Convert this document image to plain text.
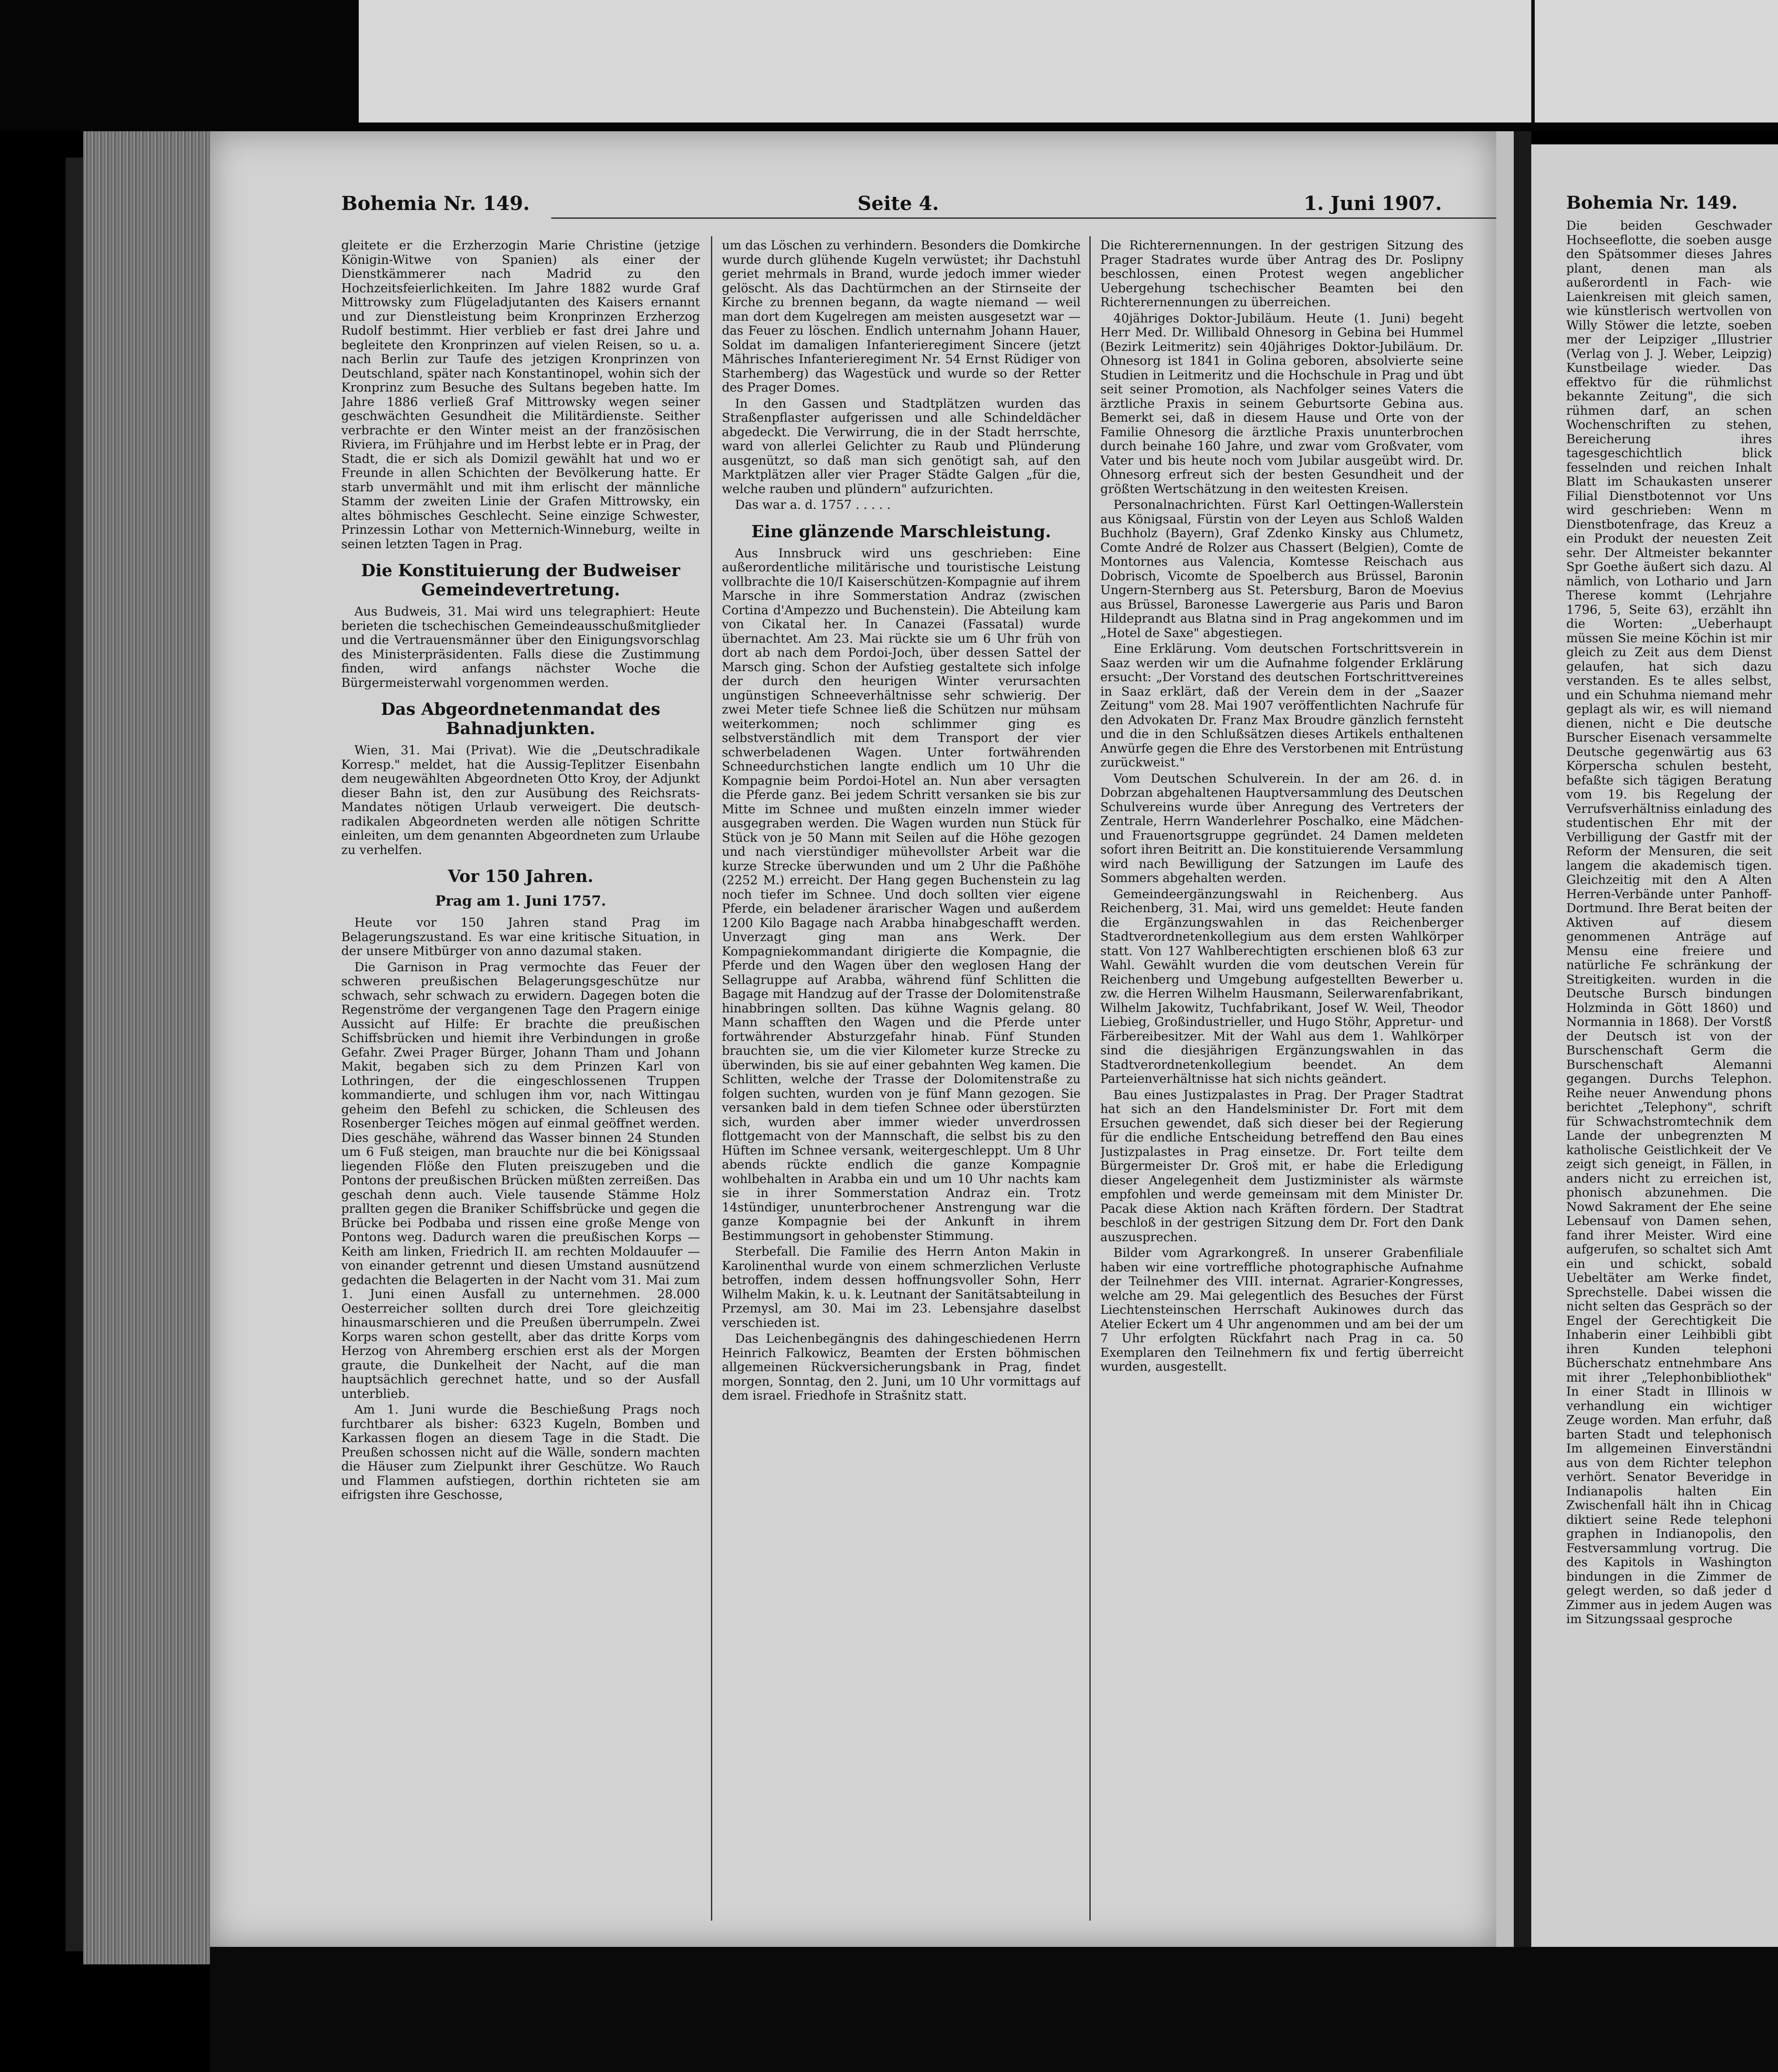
Bohemia Nr. 149.	Seite 4.	1. Juni 1907.

gleitete er die Erzherzogin Marie Christine (jetzige Königin-Witwe von Spanien) als einer der Dienstkämmerer nach Madrid zu den Hochzeitsfeierlichkeiten. Im Jahre 1882 wurde Graf Mittrowsky zum Flügeladjutanten des Kaisers ernannt und zur Dienstleistung beim Kronprinzen Erzherzog Rudolf bestimmt. Hier verblieb er fast drei Jahre und begleitete den Kronprinzen auf vielen Reisen, so u. a. nach Berlin zur Taufe des jetzigen Kronprinzen von Deutschland, später nach Konstantinopel, wohin sich der Kronprinz zum Besuche des Sultans begeben hatte. Im Jahre 1886 verließ Graf Mittrowsky wegen seiner geschwächten Gesundheit die Militärdienste. Seither verbrachte er den Winter meist an der französischen Riviera, im Frühjahre und im Herbst lebte er in Prag, der Stadt, die er sich als Domizil gewählt hat und wo er Freunde in allen Schichten der Bevölkerung hatte. Er starb unvermählt und mit ihm erlischt der männliche Stamm der zweiten Linie der Grafen Mittrowsky, ein altes böhmisches Geschlecht. Seine einzige Schwester, Prinzessin Lothar von Metternich-Winneburg, weilte in seinen letzten Tagen in Prag.

Die Konstituierung der Budweiser Gemeindevertretung.

Aus Budweis, 31. Mai wird uns telegraphiert: Heute berieten die tschechischen Gemeindeausschußmitglieder und die Vertrauensmänner über den Einigungsvorschlag des Ministerpräsidenten. Falls diese die Zustimmung finden, wird anfangs nächster Woche die Bürgermeisterwahl vorgenommen werden.

Das Abgeordnetenmandat des Bahnadjunkten.

Wien, 31. Mai (Privat). Wie die „Deutschradikale Korresp." meldet, hat die Aussig-Teplitzer Eisenbahn dem neugewählten Abgeordneten Otto Kroy, der Adjunkt dieser Bahn ist, den zur Ausübung des Reichsrats-Mandates nötigen Urlaub verweigert. Die deutsch-radikalen Abgeordneten werden alle nötigen Schritte einleiten, um dem genannten Abgeordneten zum Urlaube zu verhelfen.

Vor 150 Jahren.
Prag am 1. Juni 1757.

Heute vor 150 Jahren stand Prag im Belagerungszustand. Es war eine kritische Situation, in der unsere Mitbürger von anno dazumal staken.

Die Garnison in Prag vermochte das Feuer der schweren preußischen Belagerungsgeschütze nur schwach, sehr schwach zu erwidern. Dagegen boten die Regenströme der vergangenen Tage den Pragern einige Aussicht auf Hilfe: Er brachte die preußischen Schiffsbrücken und hiemit ihre Verbindungen in große Gefahr. Zwei Prager Bürger, Johann Tham und Johann Makit, begaben sich zu dem Prinzen Karl von Lothringen, der die eingeschlossenen Truppen kommandierte, und schlugen ihm vor, nach Wittingau geheim den Befehl zu schicken, die Schleusen des Rosenberger Teiches mögen auf einmal geöffnet werden. Dies geschähe, während das Wasser binnen 24 Stunden um 6 Fuß steigen, man brauchte nur die bei Königssaal liegenden Flöße den Fluten preiszugeben und die Pontons der preußischen Brücken müßten zerreißen. Das geschah denn auch. Viele tausende Stämme Holz prallten gegen die Braniker Schiffsbrücke und gegen die Brücke bei Podbaba und rissen eine große Menge von Pontons weg. Dadurch waren die preußischen Korps — Keith am linken, Friedrich II. am rechten Moldauufer — von einander getrennt und diesen Umstand ausnützend gedachten die Belagerten in der Nacht vom 31. Mai zum 1. Juni einen Ausfall zu unternehmen. 28.000 Oesterreicher sollten durch drei Tore gleichzeitig hinausmarschieren und die Preußen überrumpeln. Zwei Korps waren schon gestellt, aber das dritte Korps vom Herzog von Ahremberg erschien erst als der Morgen graute, die Dunkelheit der Nacht, auf die man hauptsächlich gerechnet hatte, und so der Ausfall unterblieb.

Am 1. Juni wurde die Beschießung Prags noch furchtbarer als bisher: 6323 Kugeln, Bomben und Karkassen flogen an diesem Tage in die Stadt. Die Preußen schossen nicht auf die Wälle, sondern machten die Häuser zum Zielpunkt ihrer Geschütze. Wo Rauch und Flammen aufstiegen, dorthin richteten sie am eifrigsten ihre Geschosse,

um das Löschen zu verhindern. Besonders die Domkirche wurde durch glühende Kugeln verwüstet; ihr Dachstuhl geriet mehrmals in Brand, wurde jedoch immer wieder gelöscht. Als das Dachtürmchen an der Stirnseite der Kirche zu brennen begann, da wagte niemand — weil man dort dem Kugelregen am meisten ausgesetzt war — das Feuer zu löschen. Endlich unternahm Johann Hauer, Soldat im damaligen Infanterieregiment Sincere (jetzt Mährisches Infanterieregiment Nr. 54 Ernst Rüdiger von Starhemberg) das Wagestück und wurde so der Retter des Prager Domes.

In den Gassen und Stadtplätzen wurden das Straßenpflaster aufgerissen und alle Schindeldächer abgedeckt. Die Verwirrung, die in der Stadt herrschte, ward von allerlei Gelichter zu Raub und Plünderung ausgenützt, so daß man sich genötigt sah, auf den Marktplätzen aller vier Prager Städte Galgen „für die, welche rauben und plündern" aufzurichten.

Das war a. d. 1757 . . . . .

Eine glänzende Marschleistung.

Aus Innsbruck wird uns geschrieben: Eine außerordentliche militärische und touristische Leistung vollbrachte die 10/I Kaiserschützen-Kompagnie auf ihrem Marsche in ihre Sommerstation Andraz (zwischen Cortina d'Ampezzo und Buchenstein). Die Abteilung kam von Cikatal her. In Canazei (Fassatal) wurde übernachtet. Am 23. Mai rückte sie um 6 Uhr früh von dort ab nach dem Pordoi-Joch, über dessen Sattel der Marsch ging. Schon der Aufstieg gestaltete sich infolge der durch den heurigen Winter verursachten ungünstigen Schneeverhältnisse sehr schwierig. Der zwei Meter tiefe Schnee ließ die Schützen nur mühsam weiterkommen; noch schlimmer ging es selbstverständlich mit dem Transport der vier schwerbeladenen Wagen. Unter fortwährenden Schneedurchstichen langte endlich um 10 Uhr die Kompagnie beim Pordoi-Hotel an. Nun aber versagten die Pferde ganz. Bei jedem Schritt versanken sie bis zur Mitte im Schnee und mußten einzeln immer wieder ausgegraben werden. Die Wagen wurden nun Stück für Stück von je 50 Mann mit Seilen auf die Höhe gezogen und nach vierstündiger mühevollster Arbeit war die kurze Strecke überwunden und um 2 Uhr die Paßhöhe (2252 M.) erreicht. Der Hang gegen Buchenstein zu lag noch tiefer im Schnee. Und doch sollten vier eigene Pferde, ein beladener ärarischer Wagen und außerdem 1200 Kilo Bagage nach Arabba hinabgeschafft werden. Unverzagt ging man ans Werk. Der Kompagniekommandant dirigierte die Kompagnie, die Pferde und den Wagen über den weglosen Hang der Sellagruppe auf Arabba, während fünf Schlitten die Bagage mit Handzug auf der Trasse der Dolomitenstraße hinabbringen sollten. Das kühne Wagnis gelang. 80 Mann schafften den Wagen und die Pferde unter fortwährender Absturzgefahr hinab. Fünf Stunden brauchten sie, um die vier Kilometer kurze Strecke zu überwinden, bis sie auf einer gebahnten Weg kamen. Die Schlitten, welche der Trasse der Dolomitenstraße zu folgen suchten, wurden von je fünf Mann gezogen. Sie versanken bald in dem tiefen Schnee oder überstürzten sich, wurden aber immer wieder unverdrossen flottgemacht von der Mannschaft, die selbst bis zu den Hüften im Schnee versank, weitergeschleppt. Um 8 Uhr abends rückte endlich die ganze Kompagnie wohlbehalten in Arabba ein und um 10 Uhr nachts kam sie in ihrer Sommerstation Andraz ein. Trotz 14stündiger, ununterbrochener Anstrengung war die ganze Kompagnie bei der Ankunft in ihrem Bestimmungsort in gehobenster Stimmung.

Sterbefall. Die Familie des Herrn Anton Makin in Karolinenthal wurde von einem schmerzlichen Verluste betroffen, indem dessen hoffnungsvoller Sohn, Herr Wilhelm Makin, k. u. k. Leutnant der Sanitätsabteilung in Przemysl, am 30. Mai im 23. Lebensjahre daselbst verschieden ist.

Das Leichenbegängnis des dahingeschiedenen Herrn Heinrich Falkowicz, Beamten der Ersten böhmischen allgemeinen Rückversicherungsbank in Prag, findet morgen, Sonntag, den 2. Juni, um 10 Uhr vormittags auf dem israel. Friedhofe in Strašnitz statt.

Die Richterernennungen. In der gestrigen Sitzung des Prager Stadrates wurde über Antrag des Dr. Poslipny beschlossen, einen Protest wegen angeblicher Uebergehung tschechischer Beamten bei den Richterernennungen zu überreichen.

40jähriges Doktor-Jubiläum. Heute (1. Juni) begeht Herr Med. Dr. Willibald Ohnesorg in Gebina bei Hummel (Bezirk Leitmeritz) sein 40jähriges Doktor-Jubiläum. Dr. Ohnesorg ist 1841 in Golina geboren, absolvierte seine Studien in Leitmeritz und die Hochschule in Prag und übt seit seiner Promotion, als Nachfolger seines Vaters die ärztliche Praxis in seinem Geburtsorte Gebina aus. Bemerkt sei, daß in diesem Hause und Orte von der Familie Ohnesorg die ärztliche Praxis ununterbrochen durch beinahe 160 Jahre, und zwar vom Großvater, vom Vater und bis heute noch vom Jubilar ausgeübt wird. Dr. Ohnesorg erfreut sich der besten Gesundheit und der größten Wertschätzung in den weitesten Kreisen.

Personalnachrichten. Fürst Karl Oettingen-Wallerstein aus Königsaal, Fürstin von der Leyen aus Schloß Walden Buchholz (Bayern), Graf Zdenko Kinsky aus Chlumetz, Comte André de Rolzer aus Chassert (Belgien), Comte de Montornes aus Valencia, Komtesse Reischach aus Dobrisch, Vicomte de Spoelberch aus Brüssel, Baronin Ungern-Sternberg aus St. Petersburg, Baron de Moevius aus Brüssel, Baronesse Lawergerie aus Paris und Baron Hildeprandt aus Blatna sind in Prag angekommen und im „Hotel de Saxe" abgestiegen.

Eine Erklärung. Vom deutschen Fortschrittsverein in Saaz werden wir um die Aufnahme folgender Erklärung ersucht: „Der Vorstand des deutschen Fortschrittvereines in Saaz erklärt, daß der Verein dem in der „Saazer Zeitung" vom 28. Mai 1907 veröffentlichten Nachrufe für den Advokaten Dr. Franz Max Broudre gänzlich fernsteht und die in den Schlußsätzen dieses Artikels enthaltenen Anwürfe gegen die Ehre des Verstorbenen mit Entrüstung zurückweist."

Vom Deutschen Schulverein. In der am 26. d. in Dobrzan abgehaltenen Hauptversammlung des Deutschen Schulvereins wurde über Anregung des Vertreters der Zentrale, Herrn Wanderlehrer Poschalko, eine Mädchen- und Frauenortsgruppe gegründet. 24 Damen meldeten sofort ihren Beitritt an. Die konstituierende Versammlung wird nach Bewilligung der Satzungen im Laufe des Sommers abgehalten werden.

Gemeindeergänzungswahl in Reichenberg. Aus Reichenberg, 31. Mai, wird uns gemeldet: Heute fanden die Ergänzungswahlen in das Reichenberger Stadtverordnetenkollegium aus dem ersten Wahlkörper statt. Von 127 Wahlberechtigten erschienen bloß 63 zur Wahl. Gewählt wurden die vom deutschen Verein für Reichenberg und Umgebung aufgestellten Bewerber u. zw. die Herren Wilhelm Hausmann, Seilerwarenfabrikant, Wilhelm Jakowitz, Tuchfabrikant, Josef W. Weil, Theodor Liebieg, Großindustrieller, und Hugo Stöhr, Appretur- und Färbereibesitzer. Mit der Wahl aus dem 1. Wahlkörper sind die diesjährigen Ergänzungswahlen in das Stadtverordnetenkollegium beendet. An dem Parteienverhältnisse hat sich nichts geändert.

Bau eines Justizpalastes in Prag. Der Prager Stadtrat hat sich an den Handelsminister Dr. Fort mit dem Ersuchen gewendet, daß sich dieser bei der Regierung für die endliche Entscheidung betreffend den Bau eines Justizpalastes in Prag einsetze. Dr. Fort teilte dem Bürgermeister Dr. Groš mit, er habe die Erledigung dieser Angelegenheit dem Justizminister als wärmste empfohlen und werde gemeinsam mit dem Minister Dr. Pacak diese Aktion nach Kräften fördern. Der Stadtrat beschloß in der gestrigen Sitzung dem Dr. Fort den Dank auszusprechen.

Bilder vom Agrarkongreß. In unserer Grabenfiliale haben wir eine vortreffliche photographische Aufnahme der Teilnehmer des VIII. internat. Agrarier-Kongresses, welche am 29. Mai gelegentlich des Besuches der Fürst Liechtensteinschen Herrschaft Aukinowes durch das Atelier Eckert um 4 Uhr angenommen und am bei der um 7 Uhr erfolgten Rückfahrt nach Prag in ca. 50 Exemplaren den Teilnehmern fix und fertig überreicht wurden, ausgestellt.

Bohemia Nr. 149.

Die beiden Geschwader Hochseeflotte, die soeben ausge den Spätsommer dieses Jahres plant, denen man als außerordentl in Fach- wie Laienkreisen mit gleich samen, wie künstlerisch wertvollen von Willy Stöwer die letzte, soeben mer der Leipziger „Illustrier (Verlag von J. J. Weber, Leipzig) Kunstbeilage wieder. Das effektvo für die rühmlichst bekannte Zeitung", die sich rühmen darf, an schen Wochenschriften zu stehen, Bereicherung ihres tagesgeschichtlich blick fesselnden und reichen Inhalt Blatt im Schaukasten unserer Filial Dienstbotennot vor Uns wird geschrieben: Wenn m Dienstbotenfrage, das Kreuz a ein Produkt der neuesten Zeit sehr. Der Altmeister bekannter Spr Goethe äußert sich dazu. Al nämlich, von Lothario und Jarn Therese kommt (Lehrjahre 1796, 5, Seite 63), erzählt ihn die Worten: „Ueberhaupt müssen Sie meine Köchin ist mir gleich zu Zeit aus dem Dienst gelaufen, hat sich dazu verstanden. Es te alles selbst, und ein Schuhma niemand mehr geplagt als wir, es will niemand dienen, nicht e Die deutsche Burscher Eisenach versammelte Deutsche gegenwärtig aus 63 Körperscha schulen besteht, befaßte sich tägigen Beratung vom 19. bis Regelung der Verrufsverhältniss einladung des studentischen Ehr mit der Verbilligung der Gastfr mit der Reform der Mensuren, die seit langem die akademisch tigen. Gleichzeitig mit den A Alten Herren-Verbände unter Panhoff-Dortmund. Ihre Berat beiten der Aktiven auf diesem genommenen Anträge auf Mensu eine freiere und natürliche Fe schränkung der Streitigkeiten. wurden in die Deutsche Bursch bindungen Holzminda in Gött 1860) und Normannia in 1868). Der Vorstß der Deutsch ist von der Burschenschaft Germ die Burschenschaft Alemanni gegangen. Durchs Telephon. Reihe neuer Anwendung phons berichtet „Telephony", schrift für Schwachstromtechnik dem Lande der unbegrenzten M katholische Geistlichkeit der Ve zeigt sich geneigt, in Fällen, in anders nicht zu erreichen ist, phonisch abzunehmen. Die Nowd Sakrament der Ehe seine Lebensauf von Damen sehen, fand ihrer Meister. Wird eine aufgerufen, so schaltet sich Amt ein und schickt, sobald Uebeltäter am Werke findet, Sprechstelle. Dabei wissen die nicht selten das Gespräch so der Engel der Gerechtigkeit Die Inhaberin einer Leihbibli gibt ihren Kunden telephoni Bücherschatz entnehmbare Ans mit ihrer „Telephonbibliothek" In einer Stadt in Illinois w verhandlung ein wichtiger Zeuge worden. Man erfuhr, daß barten Stadt und telephonisch Im allgemeinen Einverständni aus von dem Richter telephon verhört. Senator Beveridge in Indianapolis halten Ein Zwischenfall hält ihn in Chicag diktiert seine Rede telephoni graphen in Indianopolis, den Festversammlung vortrug. Die des Kapitols in Washington bindungen in die Zimmer de gelegt werden, so daß jeder d Zimmer aus in jedem Augen was im Sitzungssaal gesproche
